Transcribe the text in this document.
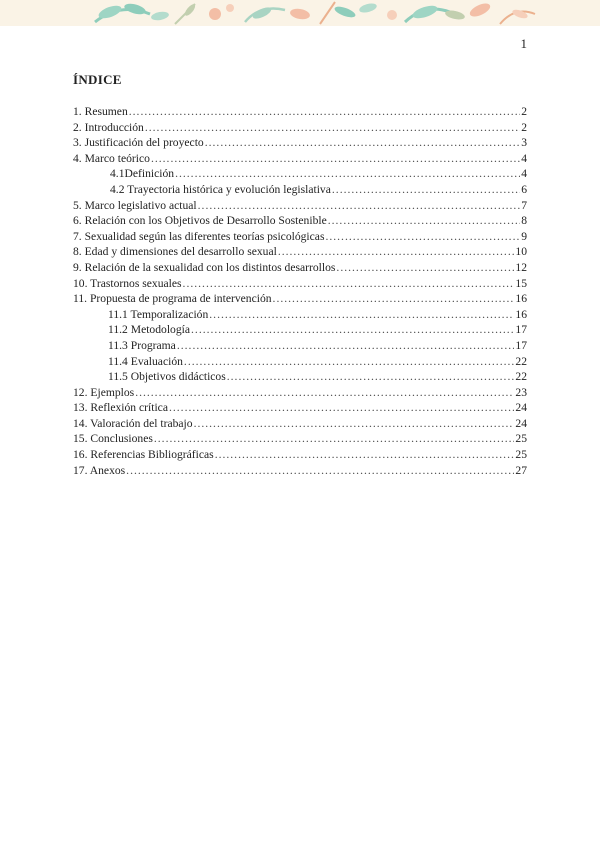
1
ÍNDICE
1. Resumen .....	2
2. Introducción .....	2
3. Justificación del proyecto .....	3
4. Marco teórico .....	4
4.1Definición .....	4
4.2 Trayectoria histórica y evolución legislativa .....	6
5. Marco legislativo actual .....	7
6. Relación con los Objetivos de Desarrollo Sostenible .....	8
7. Sexualidad según las diferentes teorías psicológicas .....	9
8. Edad y dimensiones del desarrollo sexual .....	10
9. Relación de la sexualidad con los distintos desarrollos .....	12
10. Trastornos sexuales .....	15
11. Propuesta de programa de intervención .....	16
11.1 Temporalización .....	16
11.2 Metodología .....	17
11.3 Programa .....	17
11.4 Evaluación .....	22
11.5 Objetivos didácticos .....	22
12. Ejemplos .....	23
13. Reflexión crítica .....	24
14. Valoración del trabajo .....	24
15. Conclusiones .....	25
16. Referencias Bibliográficas .....	25
17. Anexos .....	27
